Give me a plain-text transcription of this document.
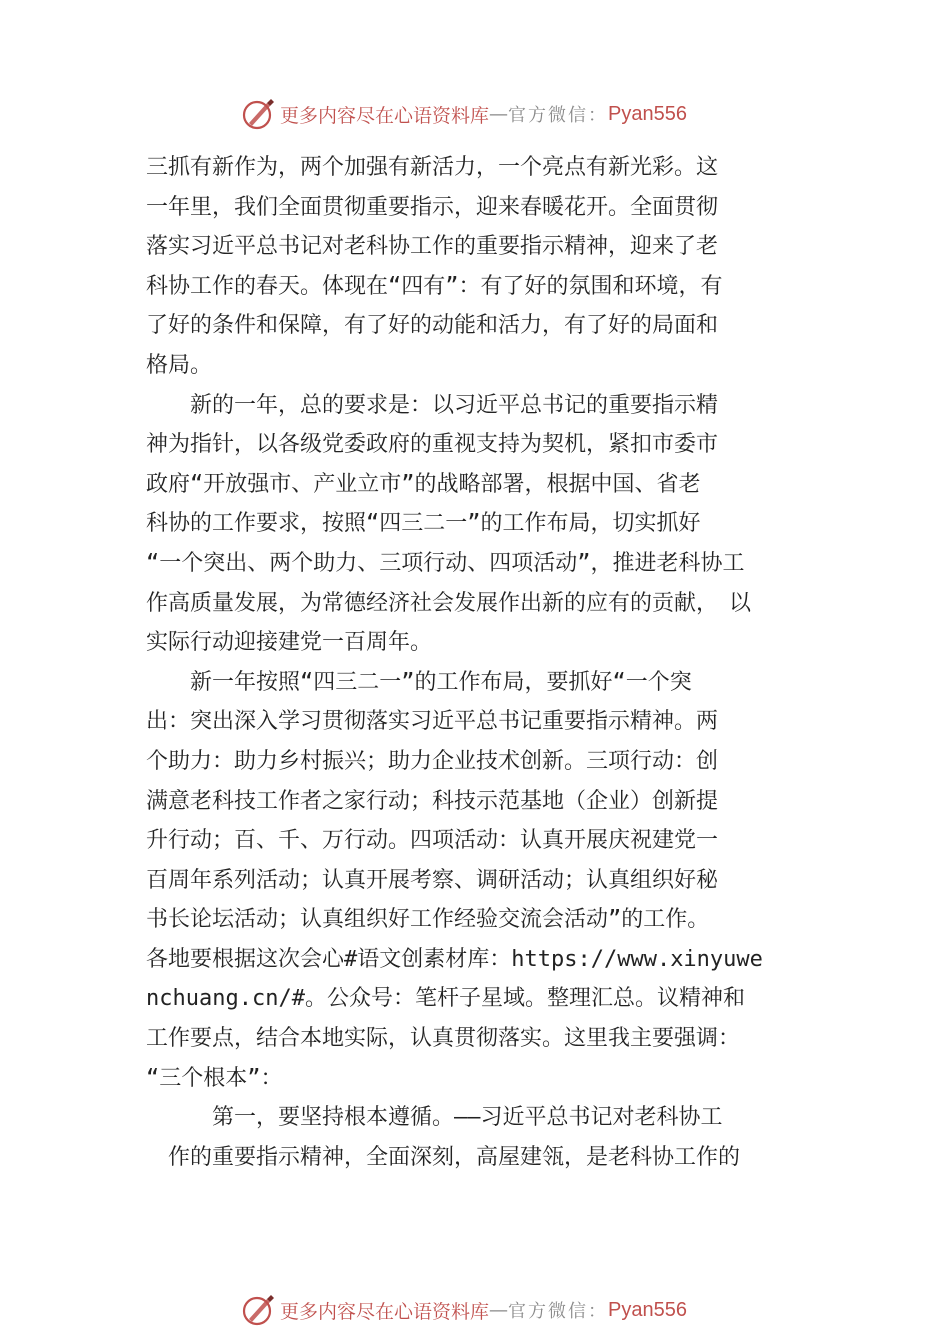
更多内容尽在心语资料库 — 官方微信： Pyan556
三抓有新作为，两个加强有新活力，一个亮点有新光彩。这
一年里，我们全面贯彻重要指示，迎来春暖花开。全面贯彻
落实习近平总书记对老科协工作的重要指示精神，迎来了老
科协工作的春天。体现在“四有”：有了好的氛围和环境，有
了好的条件和保障，有了好的动能和活力，有了好的局面和
格局。
　　新的一年，总的要求是：以习近平总书记的重要指示精
神为指针，以各级党委政府的重视支持为契机，紧扣市委市
政府“开放强市、产业立市”的战略部署，根据中国、省老
科协的工作要求，按照“四三二一”的工作布局，切实抓好
“一个突出、两个助力、三项行动、四项活动”，推进老科协工
作高质量发展，为常德经济社会发展作出新的应有的贡献，　以
实际行动迎接建党一百周年。
　　新一年按照“四三二一”的工作布局，要抓好“一个突
出：突出深入学习贯彻落实习近平总书记重要指示精神。两
个助力：助力乡村振兴；助力企业技术创新。三项行动：创
满意老科技工作者之家行动；科技示范基地（企业）创新提
升行动；百、千、万行动。四项活动：认真开展庆祝建党一
百周年系列活动；认真开展考察、调研活动；认真组织好秘
书长论坛活动；认真组织好工作经验交流会活动”的工作。
各地要根据这次会心#语文创素材库：https://www.xinyuwe
nchuang.cn/#。公众号：笔杆子星域。整理汇总。议精神和
工作要点，结合本地实际，认真贯彻落实。这里我主要强调：
“三个根本”：
　　　第一，要坚持根本遵循。——习近平总书记对老科协工
　作的重要指示精神，全面深刻，高屋建瓴，是老科协工作的
更多内容尽在心语资料库 — 官方微信： Pyan556
